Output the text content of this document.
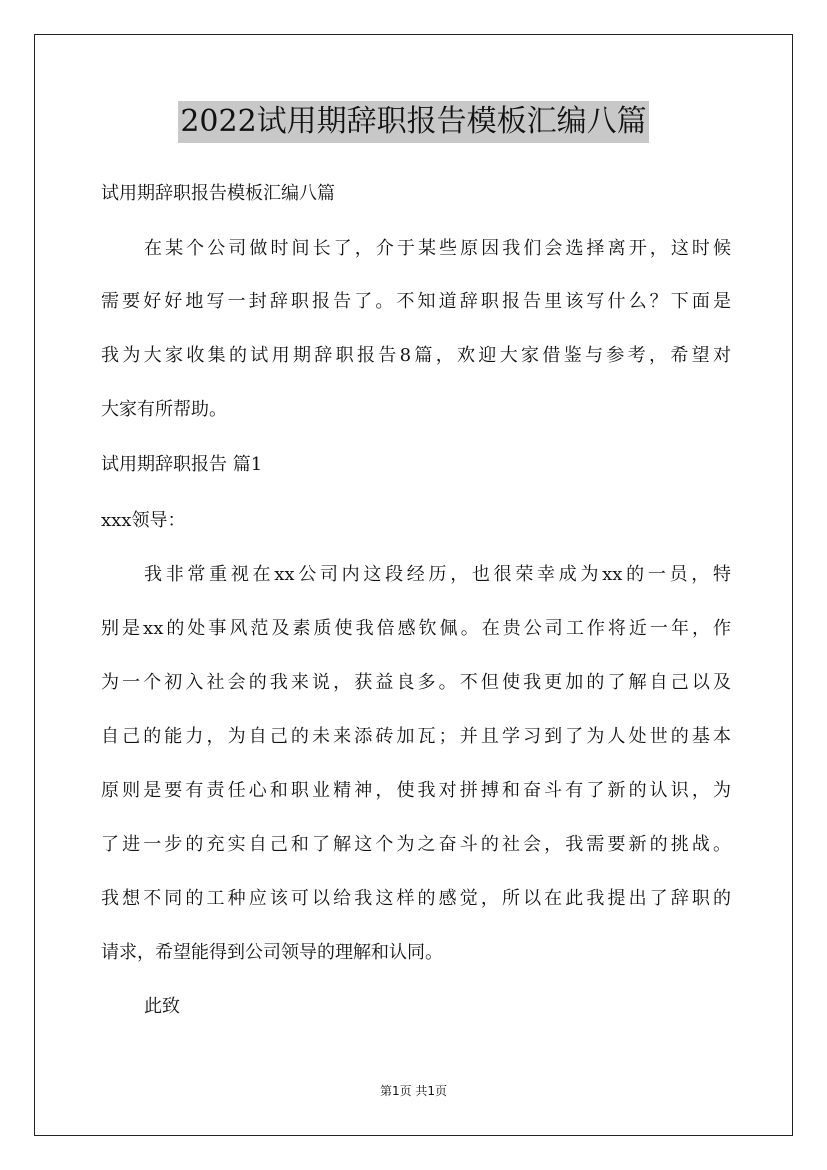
2022试用期辞职报告模板汇编八篇
试用期辞职报告模板汇编八篇
在某个公司做时间长了，介于某些原因我们会选择离开，这时候
需要好好地写一封辞职报告了。不知道辞职报告里该写什么？下面是
我为大家收集的试用期辞职报告8篇，欢迎大家借鉴与参考，希望对
大家有所帮助。
试用期辞职报告 篇1
xxx领导：
我非常重视在xx公司内这段经历，也很荣幸成为xx的一员，特
别是xx的处事风范及素质使我倍感钦佩。在贵公司工作将近一年，作
为一个初入社会的我来说，获益良多。不但使我更加的了解自己以及
自己的能力，为自己的未来添砖加瓦；并且学习到了为人处世的基本
原则是要有责任心和职业精神，使我对拼搏和奋斗有了新的认识，为
了进一步的充实自己和了解这个为之奋斗的社会，我需要新的挑战。
我想不同的工种应该可以给我这样的感觉，所以在此我提出了辞职的
请求，希望能得到公司领导的理解和认同。
此致
第1页 共1页
